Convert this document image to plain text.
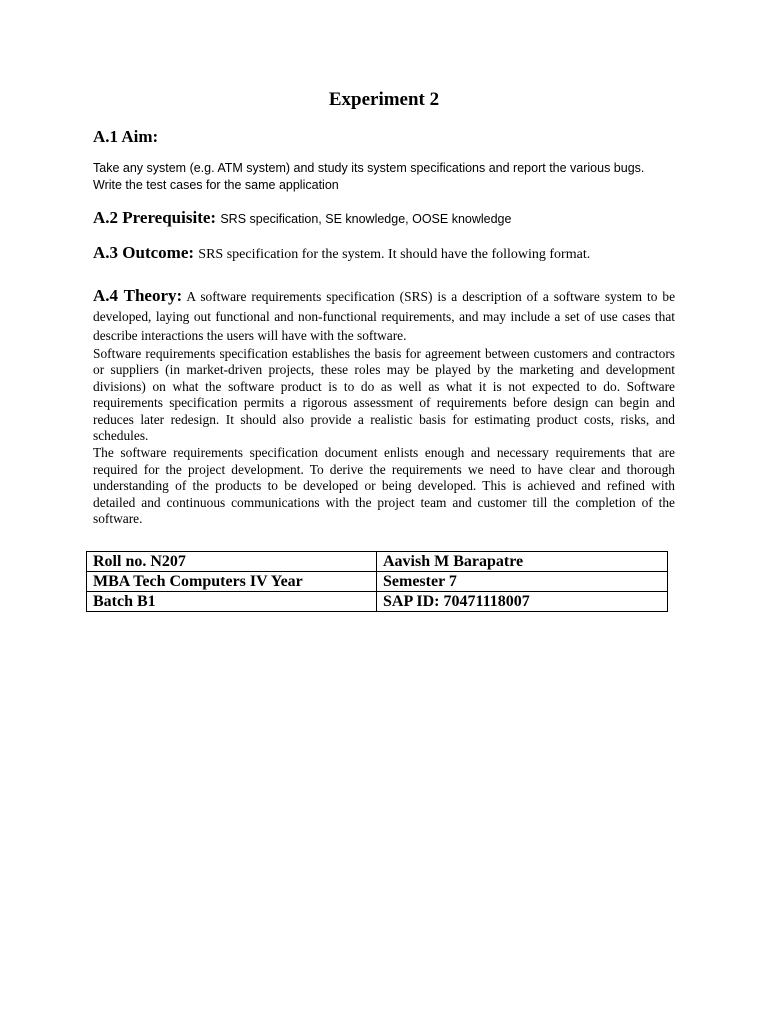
Experiment 2
A.1 Aim:
Take any system (e.g. ATM system) and study its system specifications and report the various bugs.
Write the test cases for the same application
A.2 Prerequisite: SRS specification, SE knowledge, OOSE knowledge
A.3 Outcome: SRS specification for the system. It should have the following format.

A.4 Theory: A software requirements specification (SRS) is a description of a software system to be developed, laying out functional and non-functional requirements, and may include a set of use cases that describe interactions the users will have with the software.

Software requirements specification establishes the basis for agreement between customers and contractors or suppliers (in market-driven projects, these roles may be played by the marketing and development divisions) on what the software product is to do as well as what it is not expected to do. Software requirements specification permits a rigorous assessment of requirements before design can begin and reduces later redesign. It should also provide a realistic basis for estimating product costs, risks, and schedules.

The software requirements specification document enlists enough and necessary requirements that are required for the project development. To derive the requirements we need to have clear and thorough understanding of the products to be developed or being developed. This is achieved and refined with detailed and continuous communications with the project team and customer till the completion of the software.

Roll no. N207	Aavish M Barapatre
MBA Tech Computers IV Year	Semester 7
Batch B1	SAP ID: 70471118007
